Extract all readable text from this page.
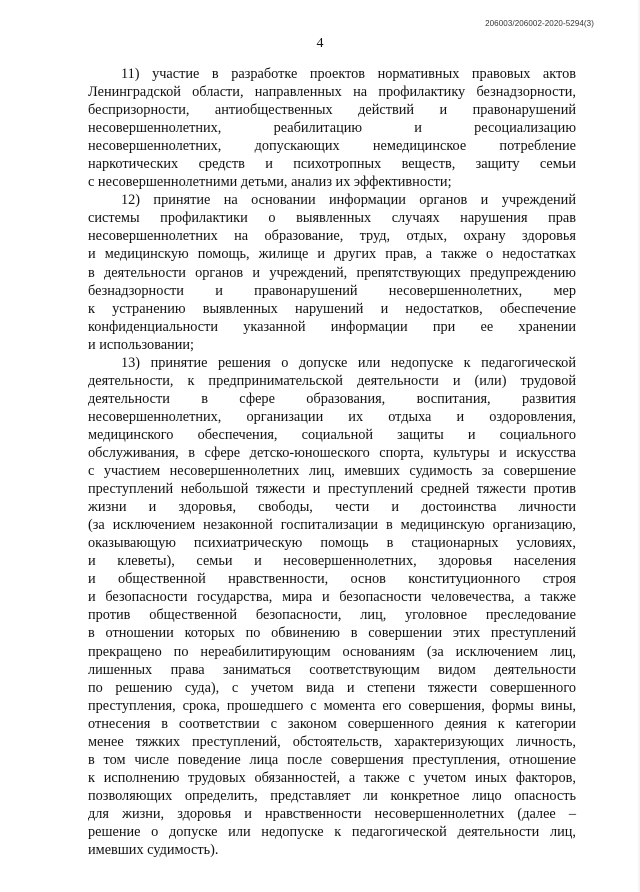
206003/206002-2020-5294(3)
4
11) участие в разработке проектов нормативных правовых актов
Ленинградской области, направленных на профилактику безнадзорности,
беспризорности, антиобщественных действий и правонарушений
несовершеннолетних, реабилитацию и ресоциализацию
несовершеннолетних, допускающих немедицинское потребление
наркотических средств и психотропных веществ, защиту семьи
с несовершеннолетними детьми, анализ их эффективности;
12) принятие на основании информации органов и учреждений
системы профилактики о выявленных случаях нарушения прав
несовершеннолетних на образование, труд, отдых, охрану здоровья
и медицинскую помощь, жилище и других прав, а также о недостатках
в деятельности органов и учреждений, препятствующих предупреждению
безнадзорности и правонарушений несовершеннолетних, мер
к устранению выявленных нарушений и недостатков, обеспечение
конфиденциальности указанной информации при ее хранении
и использовании;
13) принятие решения о допуске или недопуске к педагогической
деятельности, к предпринимательской деятельности и (или) трудовой
деятельности в сфере образования, воспитания, развития
несовершеннолетних, организации их отдыха и оздоровления,
медицинского обеспечения, социальной защиты и социального
обслуживания, в сфере детско-юношеского спорта, культуры и искусства
с участием несовершеннолетних лиц, имевших судимость за совершение
преступлений небольшой тяжести и преступлений средней тяжести против
жизни и здоровья, свободы, чести и достоинства личности
(за исключением незаконной госпитализации в медицинскую организацию,
оказывающую психиатрическую помощь в стационарных условиях,
и клеветы), семьи и несовершеннолетних, здоровья населения
и общественной нравственности, основ конституционного строя
и безопасности государства, мира и безопасности человечества, а также
против общественной безопасности, лиц, уголовное преследование
в отношении которых по обвинению в совершении этих преступлений
прекращено по нереабилитирующим основаниям (за исключением лиц,
лишенных права заниматься соответствующим видом деятельности
по решению суда), с учетом вида и степени тяжести совершенного
преступления, срока, прошедшего с момента его совершения, формы вины,
отнесения в соответствии с законом совершенного деяния к категории
менее тяжких преступлений, обстоятельств, характеризующих личность,
в том числе поведение лица после совершения преступления, отношение
к исполнению трудовых обязанностей, а также с учетом иных факторов,
позволяющих определить, представляет ли конкретное лицо опасность
для жизни, здоровья и нравственности несовершеннолетних (далее –
решение о допуске или недопуске к педагогической деятельности лиц,
имевших судимость).
